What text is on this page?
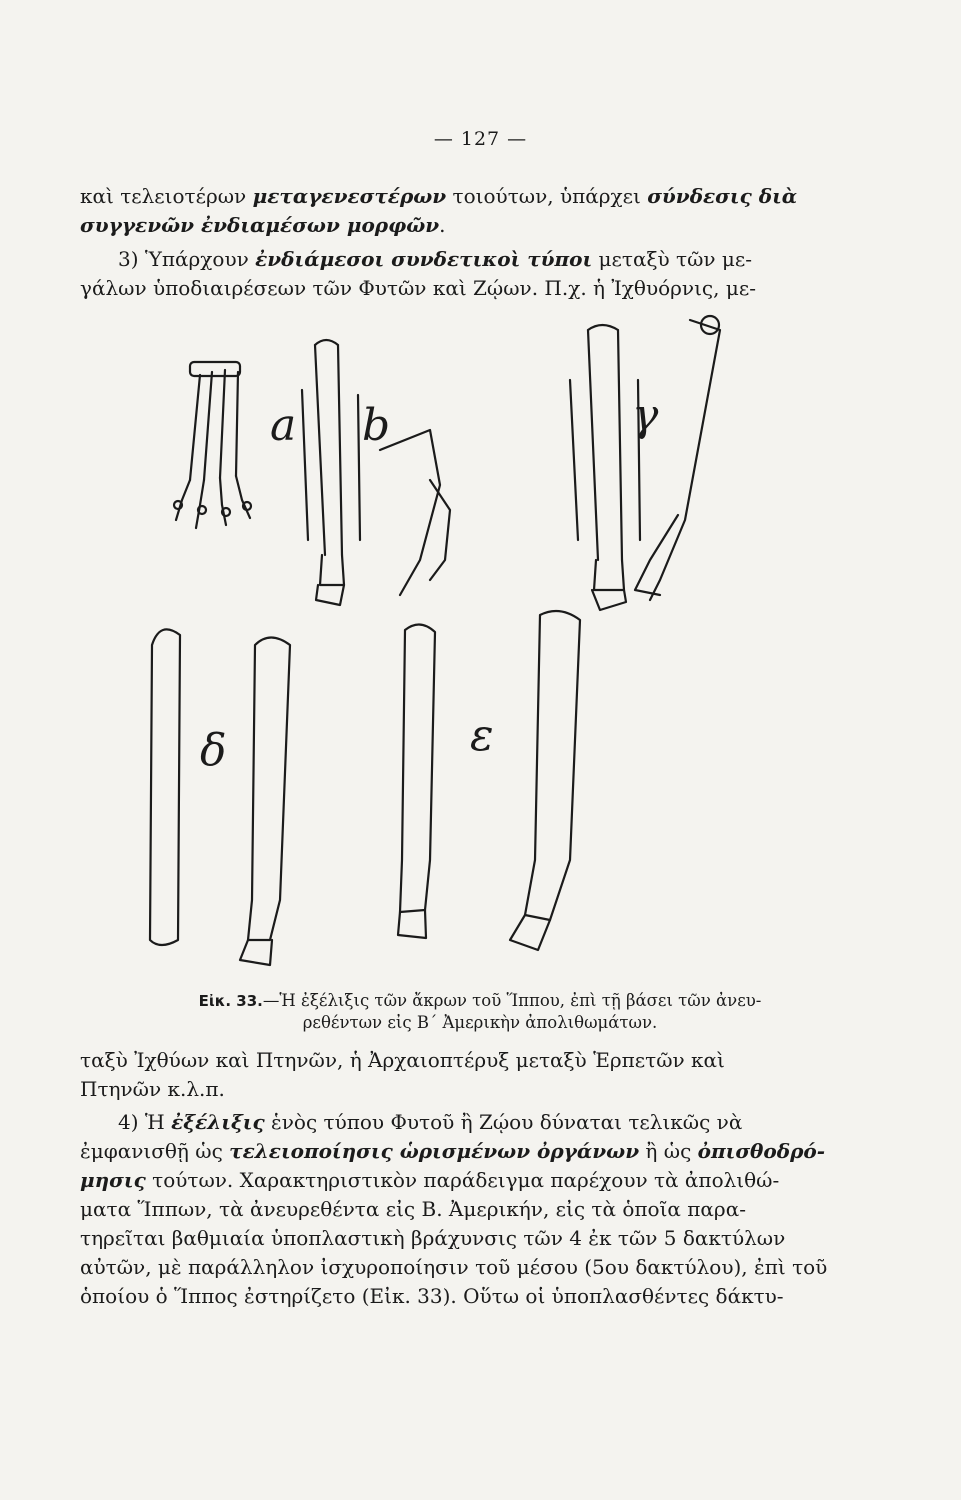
— 127 —

καὶ τελειοτέρων μεταγενεστέρων τοιούτων, ὑπάρχει σύνδεσις διὰ
συγγενῶν ἐνδιαμέσων μορφῶν.

3) Ὑπάρχουν ἐνδιάμεσοι συνδετικοὶ τύποι μεταξὺ τῶν με-

γάλων ὑποδιαιρέσεων τῶν Φυτῶν καὶ Ζῴων. Π.χ. ἡ Ἰχθυόρνις, με-

a b	γ
δ	ε
Εἰκ. 33.—Ἡ ἐξέλιξις τῶν ἄκρων τοῦ Ἵππου, ἐπὶ τῇ βάσει τῶν ἀνευ-
ρεθέντων εἰς Β΄ Ἀμερικὴν ἀπολιθωμάτων.

ταξὺ Ἰχθύων καὶ Πτηνῶν, ἡ Ἀρχαιοπτέρυξ μεταξὺ Ἑρπετῶν καὶ
Πτηνῶν κ.λ.π.

4) Ἡ ἐξέλιξις ἑνὸς τύπου Φυτοῦ ἢ Ζῴου δύναται τελικῶς νὰ

ἐμφανισθῇ ὡς τελειοποίησις ὡρισμένων ὀργάνων ἢ ὡς ὀπισθοδρό-
μησις τούτων. Χαρακτηριστικὸν παράδειγμα παρέχουν τὰ ἀπολιθώ-
ματα Ἵππων, τὰ ἀνευρεθέντα εἰς Β. Ἀμερικήν, εἰς τὰ ὁποῖα παρα-
τηρεῖται βαθμιαία ὑποπλαστικὴ βράχυνσις τῶν 4 ἐκ τῶν 5 δακτύλων
αὐτῶν, μὲ παράλληλον ἰσχυροποίησιν τοῦ μέσου (5ου δακτύλου), ἐπὶ τοῦ
ὁποίου ὁ Ἵππος ἐστηρίζετο (Εἰκ. 33). Οὕτω οἱ ὑποπλασθέντες δάκτυ-
